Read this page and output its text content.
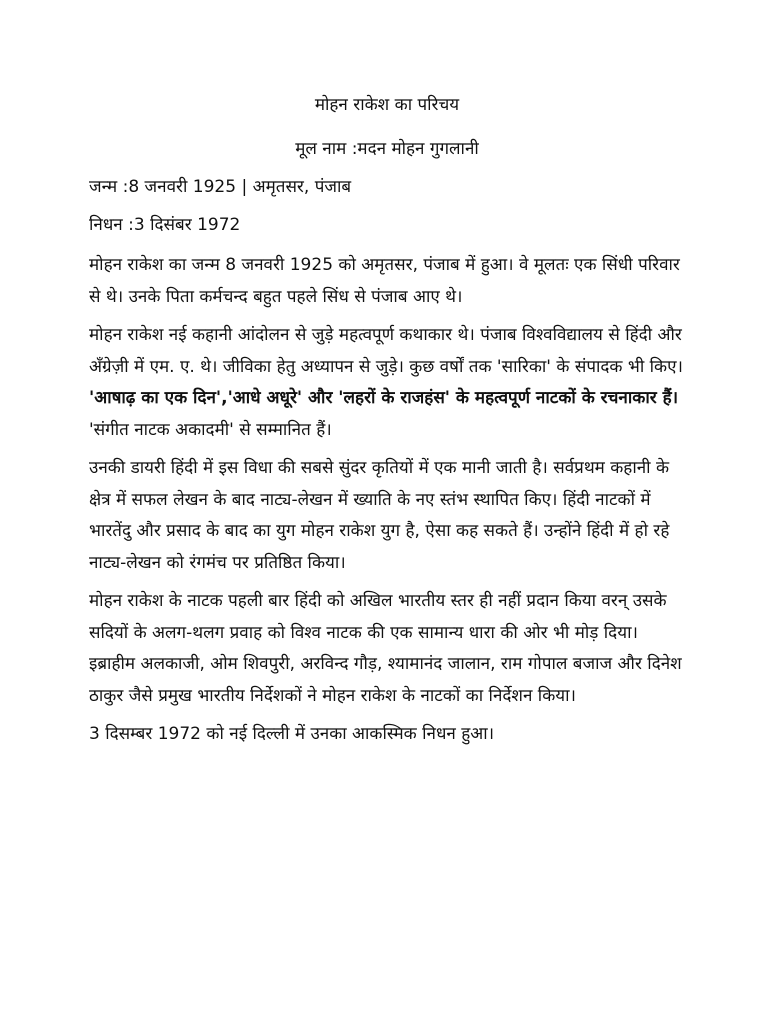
मोहन राकेश का परिचय

मूल नाम :मदन मोहन गुगलानी

जन्म :8 जनवरी 1925 | अमृतसर, पंजाब

निधन :3 दिसंबर 1972

मोहन राकेश का जन्म 8 जनवरी 1925 को अमृतसर, पंजाब में हुआ। वे मूलतः एक सिंधी परिवार से थे। उनके पिता कर्मचन्द बहुत पहले सिंध से पंजाब आए थे।

मोहन राकेश नई कहानी आंदोलन से जुड़े महत्वपूर्ण कथाकार थे। पंजाब विश्वविद्यालय से हिंदी और अँग्रेज़ी में एम. ए. थे। जीविका हेतु अध्यापन से जुड़े। कुछ वर्षों तक 'सारिका' के संपादक भी किए। 'आषाढ़ का एक दिन','आधे अधूरे' और 'लहरों के राजहंस' के महत्वपूर्ण नाटकों के रचनाकार हैं। 'संगीत नाटक अकादमी' से सम्मानित हैं।

उनकी डायरी हिंदी में इस विधा की सबसे सुंदर कृतियों में एक मानी जाती है। सर्वप्रथम कहानी के क्षेत्र में सफल लेखन के बाद नाट्य-लेखन में ख्याति के नए स्तंभ स्थापित किए। हिंदी नाटकों में भारतेंदु और प्रसाद के बाद का युग मोहन राकेश युग है, ऐसा कह सकते हैं। उन्होंने हिंदी में हो रहे नाट्य-लेखन को रंगमंच पर प्रतिष्ठित किया।

मोहन राकेश के नाटक पहली बार हिंदी को अखिल भारतीय स्तर ही नहीं प्रदान किया वरन् उसके सदियों के अलग-थलग प्रवाह को विश्व नाटक की एक सामान्य धारा की ओर भी मोड़ दिया। इब्राहीम अलकाजी, ओम शिवपुरी, अरविन्द गौड़, श्यामानंद जालान, राम गोपाल बजाज और दिनेश ठाकुर जैसे प्रमुख भारतीय निर्देशकों ने मोहन राकेश के नाटकों का निर्देशन किया।

3 दिसम्बर 1972 को नई दिल्ली में उनका आकस्मिक निधन हुआ।
